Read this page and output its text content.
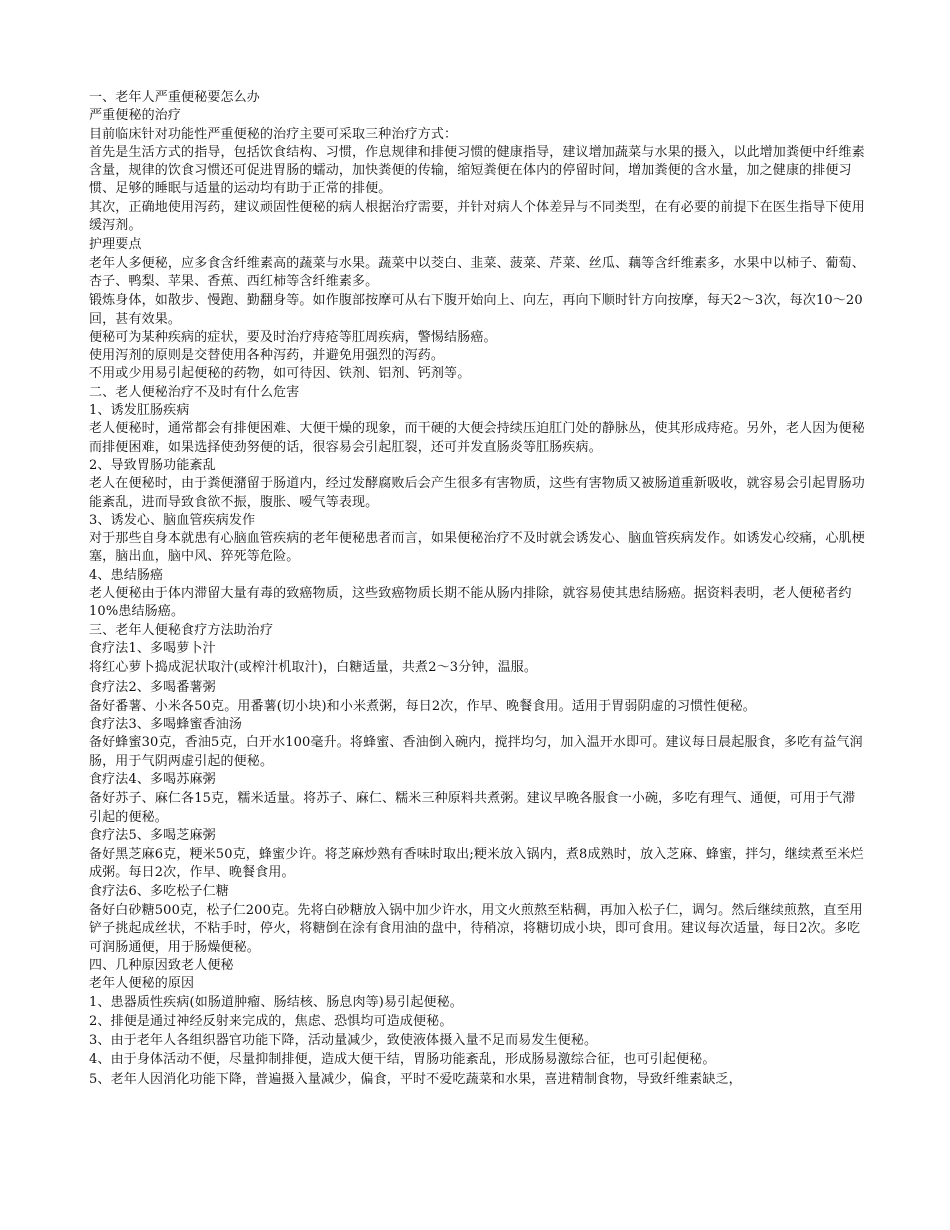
一、老年人严重便秘要怎么办

严重便秘的治疗

目前临床针对功能性严重便秘的治疗主要可采取三种治疗方式：

首先是生活方式的指导，包括饮食结构、习惯，作息规律和排便习惯的健康指导，建议增加蔬菜与水果的摄入，以此增加粪便中纤维素含量，规律的饮食习惯还可促进胃肠的蠕动，加快粪便的传输，缩短粪便在体内的停留时间，增加粪便的含水量，加之健康的排便习惯、足够的睡眠与适量的运动均有助于正常的排便。

其次，正确地使用泻药，建议顽固性便秘的病人根据治疗需要，并针对病人个体差异与不同类型，在有必要的前提下在医生指导下使用缓泻剂。

护理要点

老年人多便秘，应多食含纤维素高的蔬菜与水果。蔬菜中以茭白、韭菜、菠菜、芹菜、丝瓜、藕等含纤维素多，水果中以柿子、葡萄、杏子、鸭梨、苹果、香蕉、西红柿等含纤维素多。

锻炼身体，如散步、慢跑、勤翻身等。如作腹部按摩可从右下腹开始向上、向左，再向下顺时针方向按摩，每天2～3次，每次10～20回，甚有效果。

便秘可为某种疾病的症状，要及时治疗痔疮等肛周疾病，警惕结肠癌。

使用泻剂的原则是交替使用各种泻药，并避免用强烈的泻药。

不用或少用易引起便秘的药物，如可待因、铁剂、铝剂、钙剂等。

二、老人便秘治疗不及时有什么危害

1、诱发肛肠疾病

老人便秘时，通常都会有排便困难、大便干燥的现象，而干硬的大便会持续压迫肛门处的静脉丛，使其形成痔疮。另外，老人因为便秘而排便困难，如果选择使劲努便的话，很容易会引起肛裂，还可并发直肠炎等肛肠疾病。

2、导致胃肠功能紊乱

老人在便秘时，由于粪便潴留于肠道内，经过发酵腐败后会产生很多有害物质，这些有害物质又被肠道重新吸收，就容易会引起胃肠功能紊乱，进而导致食欲不振，腹胀、嗳气等表现。

3、诱发心、脑血管疾病发作

对于那些自身本就患有心脑血管疾病的老年便秘患者而言，如果便秘治疗不及时就会诱发心、脑血管疾病发作。如诱发心绞痛，心肌梗塞，脑出血，脑中风、猝死等危险。

4、患结肠癌

老人便秘由于体内滞留大量有毒的致癌物质，这些致癌物质长期不能从肠内排除，就容易使其患结肠癌。据资料表明，老人便秘者约10%患结肠癌。

三、老年人便秘食疗方法助治疗

食疗法1、多喝萝卜汁

将红心萝卜捣成泥状取汁(或榨汁机取汁)，白糖适量，共煮2～3分钟，温服。

食疗法2、多喝番薯粥

备好番薯、小米各50克。用番薯(切小块)和小米煮粥，每日2次，作早、晚餐食用。适用于胃弱阴虚的习惯性便秘。

食疗法3、多喝蜂蜜香油汤

备好蜂蜜30克，香油5克，白开水100毫升。将蜂蜜、香油倒入碗内，搅拌均匀，加入温开水即可。建议每日晨起服食，多吃有益气润肠，用于气阴两虚引起的便秘。

食疗法4、多喝苏麻粥

备好苏子、麻仁各15克，糯米适量。将苏子、麻仁、糯米三种原料共煮粥。建议早晚各服食一小碗，多吃有理气、通便，可用于气滞引起的便秘。

食疗法5、多喝芝麻粥

备好黑芝麻6克，粳米50克，蜂蜜少许。将芝麻炒熟有香味时取出;粳米放入锅内，煮8成熟时，放入芝麻、蜂蜜，拌匀，继续煮至米烂成粥。每日2次，作早、晚餐食用。

食疗法6、多吃松子仁糖

备好白砂糖500克，松子仁200克。先将白砂糖放入锅中加少许水，用文火煎熬至粘稠，再加入松子仁，调匀。然后继续煎熬，直至用铲子挑起成丝状，不粘手时，停火，将糖倒在涂有食用油的盘中，待稍凉，将糖切成小块，即可食用。建议每次适量，每日2次。多吃可润肠通便，用于肠燥便秘。

四、几种原因致老人便秘

老年人便秘的原因

1、患器质性疾病(如肠道肿瘤、肠结核、肠息肉等)易引起便秘。

2、排便是通过神经反射来完成的，焦虑、恐惧均可造成便秘。

3、由于老年人各组织器官功能下降，活动量减少，致使液体摄入量不足而易发生便秘。

4、由于身体活动不便，尽量抑制排便，造成大便干结，胃肠功能紊乱，形成肠易激综合征，也可引起便秘。

5、老年人因消化功能下降，普遍摄入量减少，偏食，平时不爱吃蔬菜和水果，喜进精制食物，导致纤维素缺乏，
